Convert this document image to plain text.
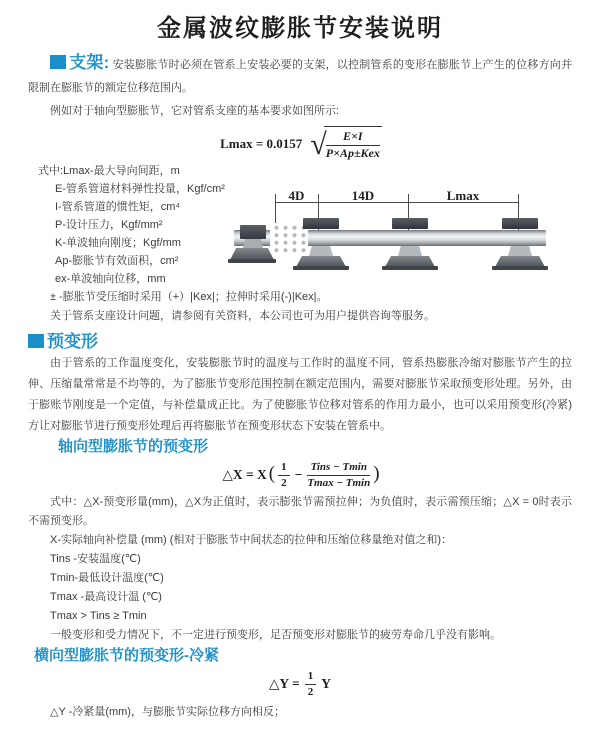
金属波纹膨胀节安装说明

支架: 安装膨胀节时必须在管系上安装必要的支架，以控制管系的变形在膨胀节上产生的位移方向并限制在膨胀节的额定位移范围内。

例如对于轴向型膨胀节，它对管系支座的基本要求如图所示:

Lmax = 0.0157 √ $\frac{E\times I}{\text{P×Ap±Kex}}$
式中:Lmax-最大导向间距，m
E-管系管道材料弹性投量，Kgf/cm²
I-管系管道的惯性矩，cm⁴
P-设计压力，Kgf/mm²
K-单波轴向刚度；Kgf/mm
Ap-膨胀节有效面积，cm²
ex-单波轴向位移，mm
4D	14D	Lmax

± -膨胀节受压缩时采用（+）|Kex|；拉伸时采用(-)|Kex|。

关于管系支座设计问题，请参阅有关资料，本公司也可为用户提供咨询等服务。

预变形

由于管系的工作温度变化，安装膨胀节时的温度与工作时的温度不同，管系热膨胀冷缩对膨胀节产生的拉伸、压缩量常常是不均等的，为了膨胀节变形范围控制在额定范围内，需要对膨胀节采取预变形处理。另外，由于膨账节刚度是一个定值，与补偿量成正比。为了使膨胀节位移对管系的作用力最小，也可以采用预变形(冷紧)方让对膨胀节进行预变形处理后再将膨胀节在预变形状态下安装在管系中。

轴向型膨胀节的预变形
△X = X ( $\frac{1}{2} - \frac{\text{Tins − Tmin}}{Tmax - Tmin}$ )

式中：△X-预变形量(mm)，△X为正值时，表示膨张节需预拉伸；为负值时，表示需预压缩；△X = 0时表示不需预变形。

X-实际轴向补偿量 (mm) (相对于膨胀节中间状态的拉伸和压缩位移量绝对值之和)：

Tins -安装温度(℃)

Tmin-最低设计温度(℃)

Tmax -最高设计温 (℃)

Tmax > Tins ≥ Tmin

一般变形和受力情况下，不一定进行预变形，足否预变形对膨胀节的疲劳寿命几乎没有影响。

横向型膨胀节的预变形-冷紧
△Y = $\frac{1}{2}$ Y

△Y -冷紧量(mm)，与膨胀节实际位移方向相反；
